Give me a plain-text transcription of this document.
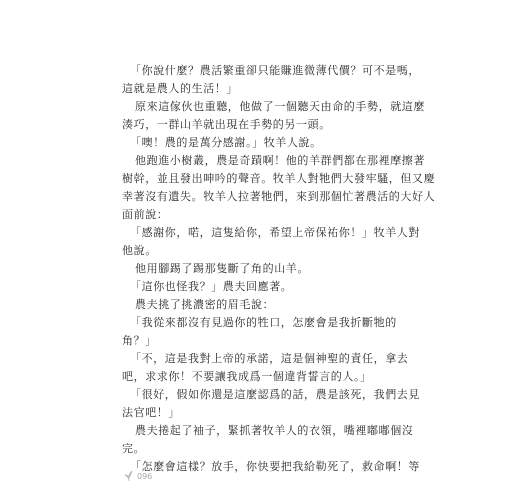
「你說什麼？農活繁重卻只能賺進微薄代價？可不是嗎，
這就是農人的生活！」
原來這傢伙也重聽，他做了一個聽天由命的手勢，就這麼
湊巧，一群山羊就出現在手勢的另一頭。
「噢！農的是萬分感謝。」牧羊人說。
他跑進小樹叢，農是奇蹟啊！他的羊群們都在那裡摩擦著
樹幹，並且發出呻吟的聲音。牧羊人對牠們大發牢騷，但又慶
幸著沒有遺失。牧羊人拉著牠們，來到那個忙著農活的大好人
面前說：
「感謝你，喏，這隻給你，希望上帝保祐你！」牧羊人對
他說。
他用腳踢了踢那隻斷了角的山羊。
「這你也怪我？」農夫回應著。
農夫挑了挑濃密的眉毛說：
「我從來都沒有見過你的牲口，怎麼會是我折斷牠的
角？」
「不，這是我對上帝的承諾，這是個神聖的責任，拿去
吧，求求你！不要讓我成爲一個違背誓言的人。」
「很好，假如你還是這麼認爲的話，農是該死，我們去見
法官吧！」
農夫捲起了袖子，緊抓著牧羊人的衣領，嘴裡嘟嘟個沒
完。
「怎麼會這樣？放手，你快要把我給勒死了，救命啊！等
096
